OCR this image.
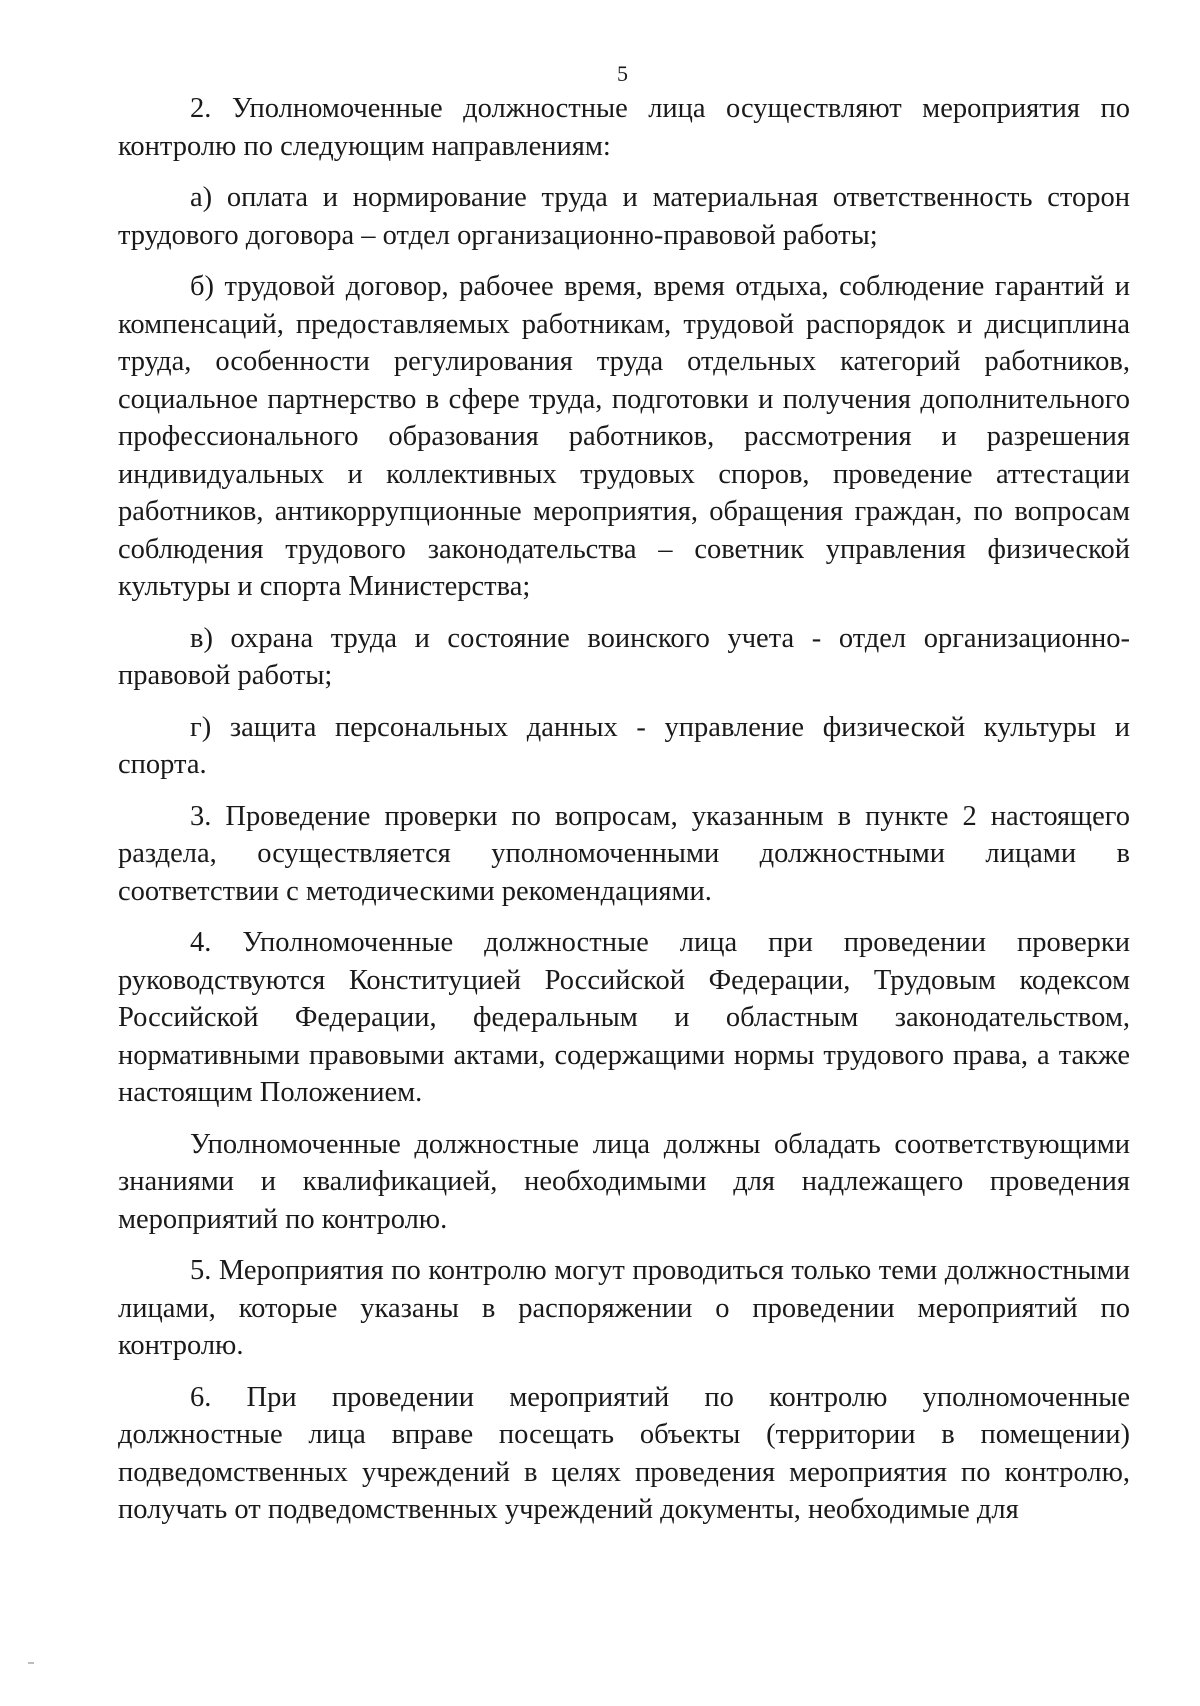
5

2. Уполномоченные должностные лица осуществляют мероприятия по контролю по следующим направлениям:

а) оплата и нормирование труда и материальная ответственность сторон трудового договора – отдел организационно-правовой работы;

б) трудовой договор, рабочее время, время отдыха, соблюдение гарантий и компенсаций, предоставляемых работникам, трудовой распорядок и дисциплина труда, особенности регулирования труда отдельных категорий работников, социальное партнерство в сфере труда, подготовки и получения дополнительного профессионального образования работников, рассмотрения и разрешения индивидуальных и коллективных трудовых споров, проведение аттестации работников, антикоррупционные мероприятия, обращения граждан, по вопросам соблюдения трудового законодательства – советник управления физической культуры и спорта Министерства;

в) охрана труда и состояние воинского учета - отдел организационно-правовой работы;

г) защита персональных данных - управление физической культуры и спорта.

3. Проведение проверки по вопросам, указанным в пункте 2 настоящего раздела, осуществляется уполномоченными должностными лицами в соответствии с методическими рекомендациями.

4. Уполномоченные должностные лица при проведении проверки руководствуются Конституцией Российской Федерации, Трудовым кодексом Российской Федерации, федеральным и областным законодательством, нормативными правовыми актами, содержащими нормы трудового права, а также настоящим Положением.

Уполномоченные должностные лица должны обладать соответствующими знаниями и квалификацией, необходимыми для надлежащего проведения мероприятий по контролю.

5. Мероприятия по контролю могут проводиться только теми должностными лицами, которые указаны в распоряжении о проведении мероприятий по контролю.

6. При проведении мероприятий по контролю уполномоченные должностные лица вправе посещать объекты (территории в помещении) подведомственных учреждений в целях проведения мероприятия по контролю, получать от подведомственных учреждений документы, необходимые для
